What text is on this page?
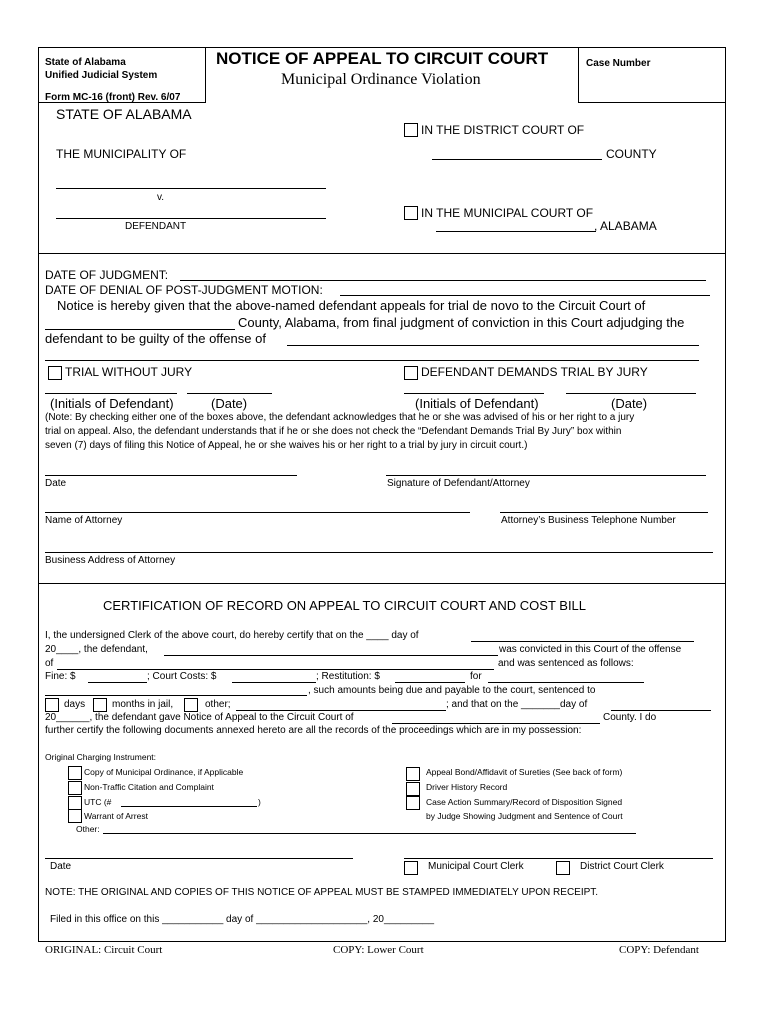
State of Alabama
Unified Judicial System
Form MC-16 (front) Rev. 6/07
NOTICE OF APPEAL TO CIRCUIT COURT
Municipal Ordinance Violation
Case Number
STATE OF ALABAMA
THE MUNICIPALITY OF
v.
DEFENDANT
IN THE DISTRICT COURT OF
COUNTY
IN THE MUNICIPAL COURT OF
, ALABAMA
DATE OF JUDGMENT:
DATE OF DENIAL OF POST-JUDGMENT MOTION:
Notice is hereby given that the above-named defendant appeals for trial de novo to the Circuit Court of
County, Alabama, from final judgment of conviction in this Court adjudging the
defendant to be guilty of the offense of
TRIAL WITHOUT JURY	DEFENDANT DEMANDS TRIAL BY JURY
(Initials of Defendant)	(Date)	(Initials of Defendant)	(Date)
(Note: By checking either one of the boxes above, the defendant acknowledges that he or she was advised of his or her right to a jury
trial on appeal. Also, the defendant understands that if he or she does not check the “Defendant Demands Trial By Jury” box within
seven (7) days of filing this Notice of Appeal, he or she waives his or her right to a trial by jury in circuit court.)
Date	Signature of Defendant/Attorney
Name of Attorney	Attorney’s Business Telephone Number
Business Address of Attorney
CERTIFICATION OF RECORD ON APPEAL TO CIRCUIT COURT AND COST BILL
I, the undersigned Clerk of the above court, do hereby certify that on the ____ day of
20____, the defendant,	was convicted in this Court of the offense
of	and was sentenced as follows:
Fine: $	; Court Costs: $	; Restitution: $	for
, such amounts being due and payable to the court, sentenced to
days	months in jail,	other;	; and that on the _______day of
20______, the defendant gave Notice of Appeal to the Circuit Court of	County. I do
further certify the following documents annexed hereto are all the records of the proceedings which are in my possession:
Original Charging Instrument:
Copy of Municipal Ordinance, if Applicable
Non-Traffic Citation and Complaint
UTC (#	)
Warrant of Arrest
Other:
Appeal Bond/Affidavit of Sureties (See back of form)
Driver History Record
Case Action Summary/Record of Disposition Signed
by Judge Showing Judgment and Sentence of Court
Date	Municipal Court Clerk	District Court Clerk
NOTE: THE ORIGINAL AND COPIES OF THIS NOTICE OF APPEAL MUST BE STAMPED IMMEDIATELY UPON RECEIPT.
Filed in this office on this ___________ day of ____________________, 20_________
ORIGINAL: Circuit Court	COPY: Lower Court	COPY: Defendant
